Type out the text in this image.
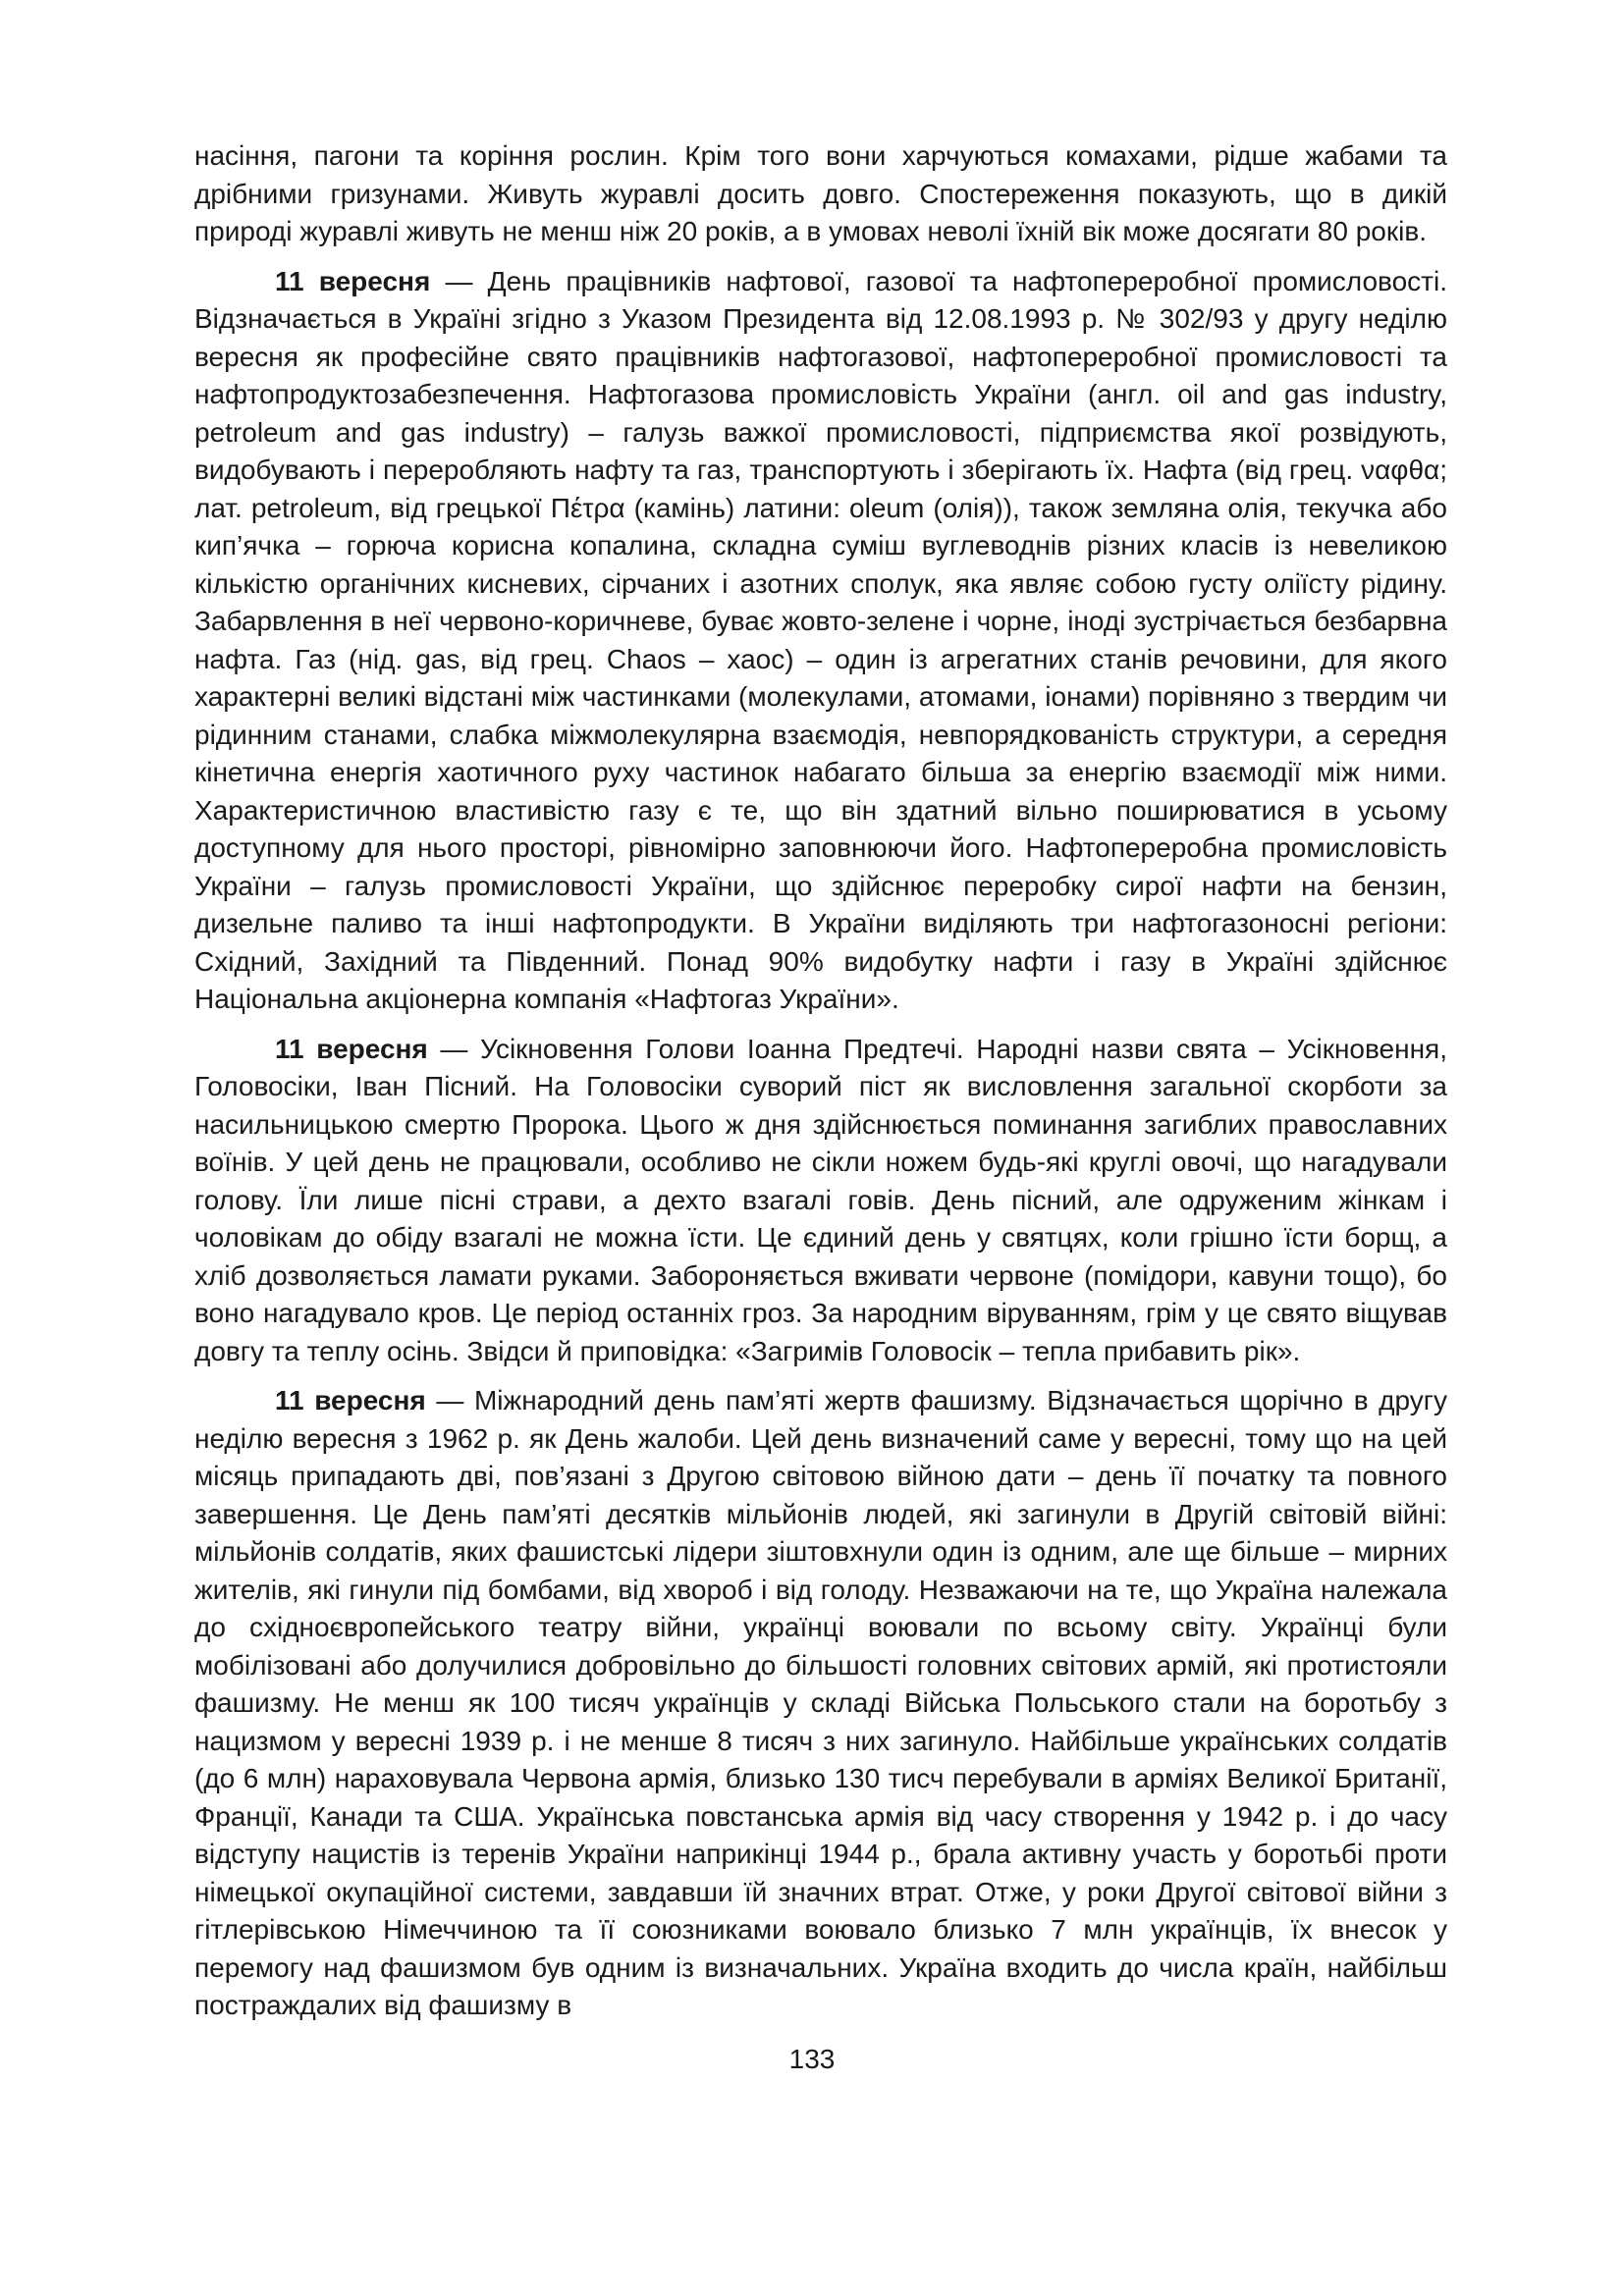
насіння, пагони та коріння рослин. Крім того вони харчуються комахами, рідше жабами та дрібними гризунами. Живуть журавлі досить довго. Спостереження показують, що в дикій природі журавлі живуть не менш ніж 20 років, а в умовах неволі їхній вік може досягати 80 років.

11 вересня — День працівників нафтової, газової та нафтопереробної промисловості. Відзначається в Україні згідно з Указом Президента від 12.08.1993 р. № 302/93 у другу неділю вересня як професійне свято працівників нафтогазової, нафтопереробної промисловості та нафтопродуктозабезпечення. Нафтогазова промисловість України (англ. oil and gas industry, petroleum and gas industry) – галузь важкої промисловості, підприємства якої розвідують, видобувають і переробляють нафту та газ, транспортують і зберігають їх. Нафта (від грец. ναφθα; лат. petroleum, від грецької Πέτρα (камінь) латини: oleum (олія)), також земляна олія, текучка або кип’ячка – горюча корисна копалина, складна суміш вуглеводнів різних класів із невеликою кількістю органічних кисневих, сірчаних і азотних сполук, яка являє собою густу оліїсту рідину. Забарвлення в неї червоно-коричневе, буває жовто-зелене і чорне, іноді зустрічається безбарвна нафта. Газ (нід. gas, від грец. Chaos – хаос) – один із агрегатних станів речовини, для якого характерні великі відстані між частинками (молекулами, атомами, іонами) порівняно з твердим чи рідинним станами, слабка міжмолекулярна взаємодія, невпорядкованість структури, а середня кінетична енергія хаотичного руху частинок набагато більша за енергію взаємодії між ними. Характеристичною властивістю газу є те, що він здатний вільно поширюватися в усьому доступному для нього просторі, рівномірно заповнюючи його. Нафтопереробна промисловість України – галузь промисловості України, що здійснює переробку сирої нафти на бензин, дизельне паливо та інші нафтопродукти. В України виділяють три нафтогазоносні регіони: Східний, Західний та Південний. Понад 90% видобутку нафти і газу в Україні здійснює Національна акціонерна компанія «Нафтогаз України».

11 вересня — Усікновення Голови Іоанна Предтечі. Народні назви свята – Усікновення, Головосіки, Іван Пісний. На Головосіки суворий піст як висловлення загальної скорботи за насильницькою смертю Пророка. Цього ж дня здійснюється поминання загиблих православних воїнів. У цей день не працювали, особливо не сікли ножем будь-які круглі овочі, що нагадували голову. Їли лише пісні страви, а дехто взагалі говів. День пісний, але одруженим жінкам і чоловікам до обіду взагалі не можна їсти. Це єдиний день у святцях, коли грішно їсти борщ, а хліб дозволяється ламати руками. Забороняється вживати червоне (помідори, кавуни тощо), бо воно нагадувало кров. Це період останніх гроз. За народним віруванням, грім у це свято віщував довгу та теплу осінь. Звідси й приповідка: «Загримів Головосік – тепла прибавить рік».

11 вересня — Міжнародний день пам’яті жертв фашизму. Відзначається щорічно в другу неділю вересня з 1962 р. як День жалоби. Цей день визначений саме у вересні, тому що на цей місяць припадають дві, пов’язані з Другою світовою війною дати – день її початку та повного завершення. Це День пам’яті десятків мільйонів людей, які загинули в Другій світовій війні: мільйонів солдатів, яких фашистські лідери зіштовхнули один із одним, але ще більше – мирних жителів, які гинули під бомбами, від хвороб і від голоду. Незважаючи на те, що Україна належала до східноєвропейського театру війни, українці воювали по всьому світу. Українці були мобілізовані або долучилися добровільно до більшості головних світових армій, які протистояли фашизму. Не менш як 100 тисяч українців у складі Війська Польського стали на боротьбу з нацизмом у вересні 1939 р. і не менше 8 тисяч з них загинуло. Найбільше українських солдатів (до 6 млн) нараховувала Червона армія, близько 130 тисч перебували в арміях Великої Британії, Франції, Канади та США. Українська повстанська армія від часу створення у 1942 р. і до часу відступу нацистів із теренів України наприкінці 1944 р., брала активну участь у боротьбі проти німецької окупаційної системи, завдавши їй значних втрат. Отже, у роки Другої світової війни з гітлерівською Німеччиною та її союзниками воювало близько 7 млн українців, їх внесок у перемогу над фашизмом був одним із визначальних. Україна входить до числа країн, найбільш постраждалих від фашизму в

133
